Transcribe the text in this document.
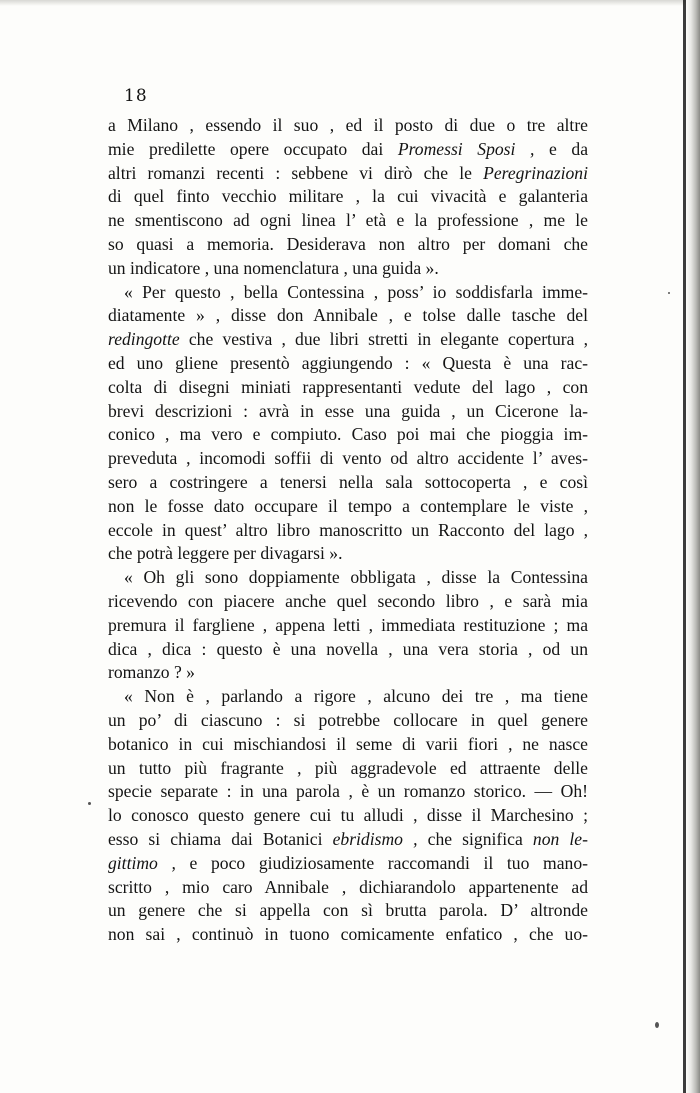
18
a Milano , essendo il suo , ed il posto di due o tre altre
mie predilette opere occupato dai Promessi Sposi , e da
altri romanzi recenti : sebbene vi dirò che le Peregrinazioni
di quel finto vecchio militare , la cui vivacità e galanteria
ne smentiscono ad ogni linea l’ età e la professione , me le
so quasi a memoria. Desiderava non altro per domani che
un indicatore , una nomenclatura , una guida ».
« Per questo , bella Contessina , poss’ io soddisfarla imme-
diatamente » , disse don Annibale , e tolse dalle tasche del
redingotte che vestiva , due libri stretti in elegante copertura ,
ed uno gliene presentò aggiungendo : « Questa è una rac-
colta di disegni miniati rappresentanti vedute del lago , con
brevi descrizioni : avrà in esse una guida , un Cicerone la-
conico , ma vero e compiuto. Caso poi mai che pioggia im-
preveduta , incomodi soffii di vento od altro accidente l’ aves-
sero a costringere a tenersi nella sala sottocoperta , e così
non le fosse dato occupare il tempo a contemplare le viste ,
eccole in quest’ altro libro manoscritto un Racconto del lago ,
che potrà leggere per divagarsi ».
« Oh gli sono doppiamente obbligata , disse la Contessina
ricevendo con piacere anche quel secondo libro , e sarà mia
premura il fargliene , appena letti , immediata restituzione ; ma
dica , dica : questo è una novella , una vera storia , od un
romanzo ? »
« Non è , parlando a rigore , alcuno dei tre , ma tiene
un po’ di ciascuno : si potrebbe collocare in quel genere
botanico in cui mischiandosi il seme di varii fiori , ne nasce
un tutto più fragrante , più aggradevole ed attraente delle
specie separate : in una parola , è un romanzo storico. — Oh!
lo conosco questo genere cui tu alludi , disse il Marchesino ;
esso si chiama dai Botanici ebridismo , che significa non le-
gittimo , e poco giudiziosamente raccomandi il tuo mano-
scritto , mio caro Annibale , dichiarandolo appartenente ad
un genere che si appella con sì brutta parola. D’ altronde
non sai , continuò in tuono comicamente enfatico , che uo-
